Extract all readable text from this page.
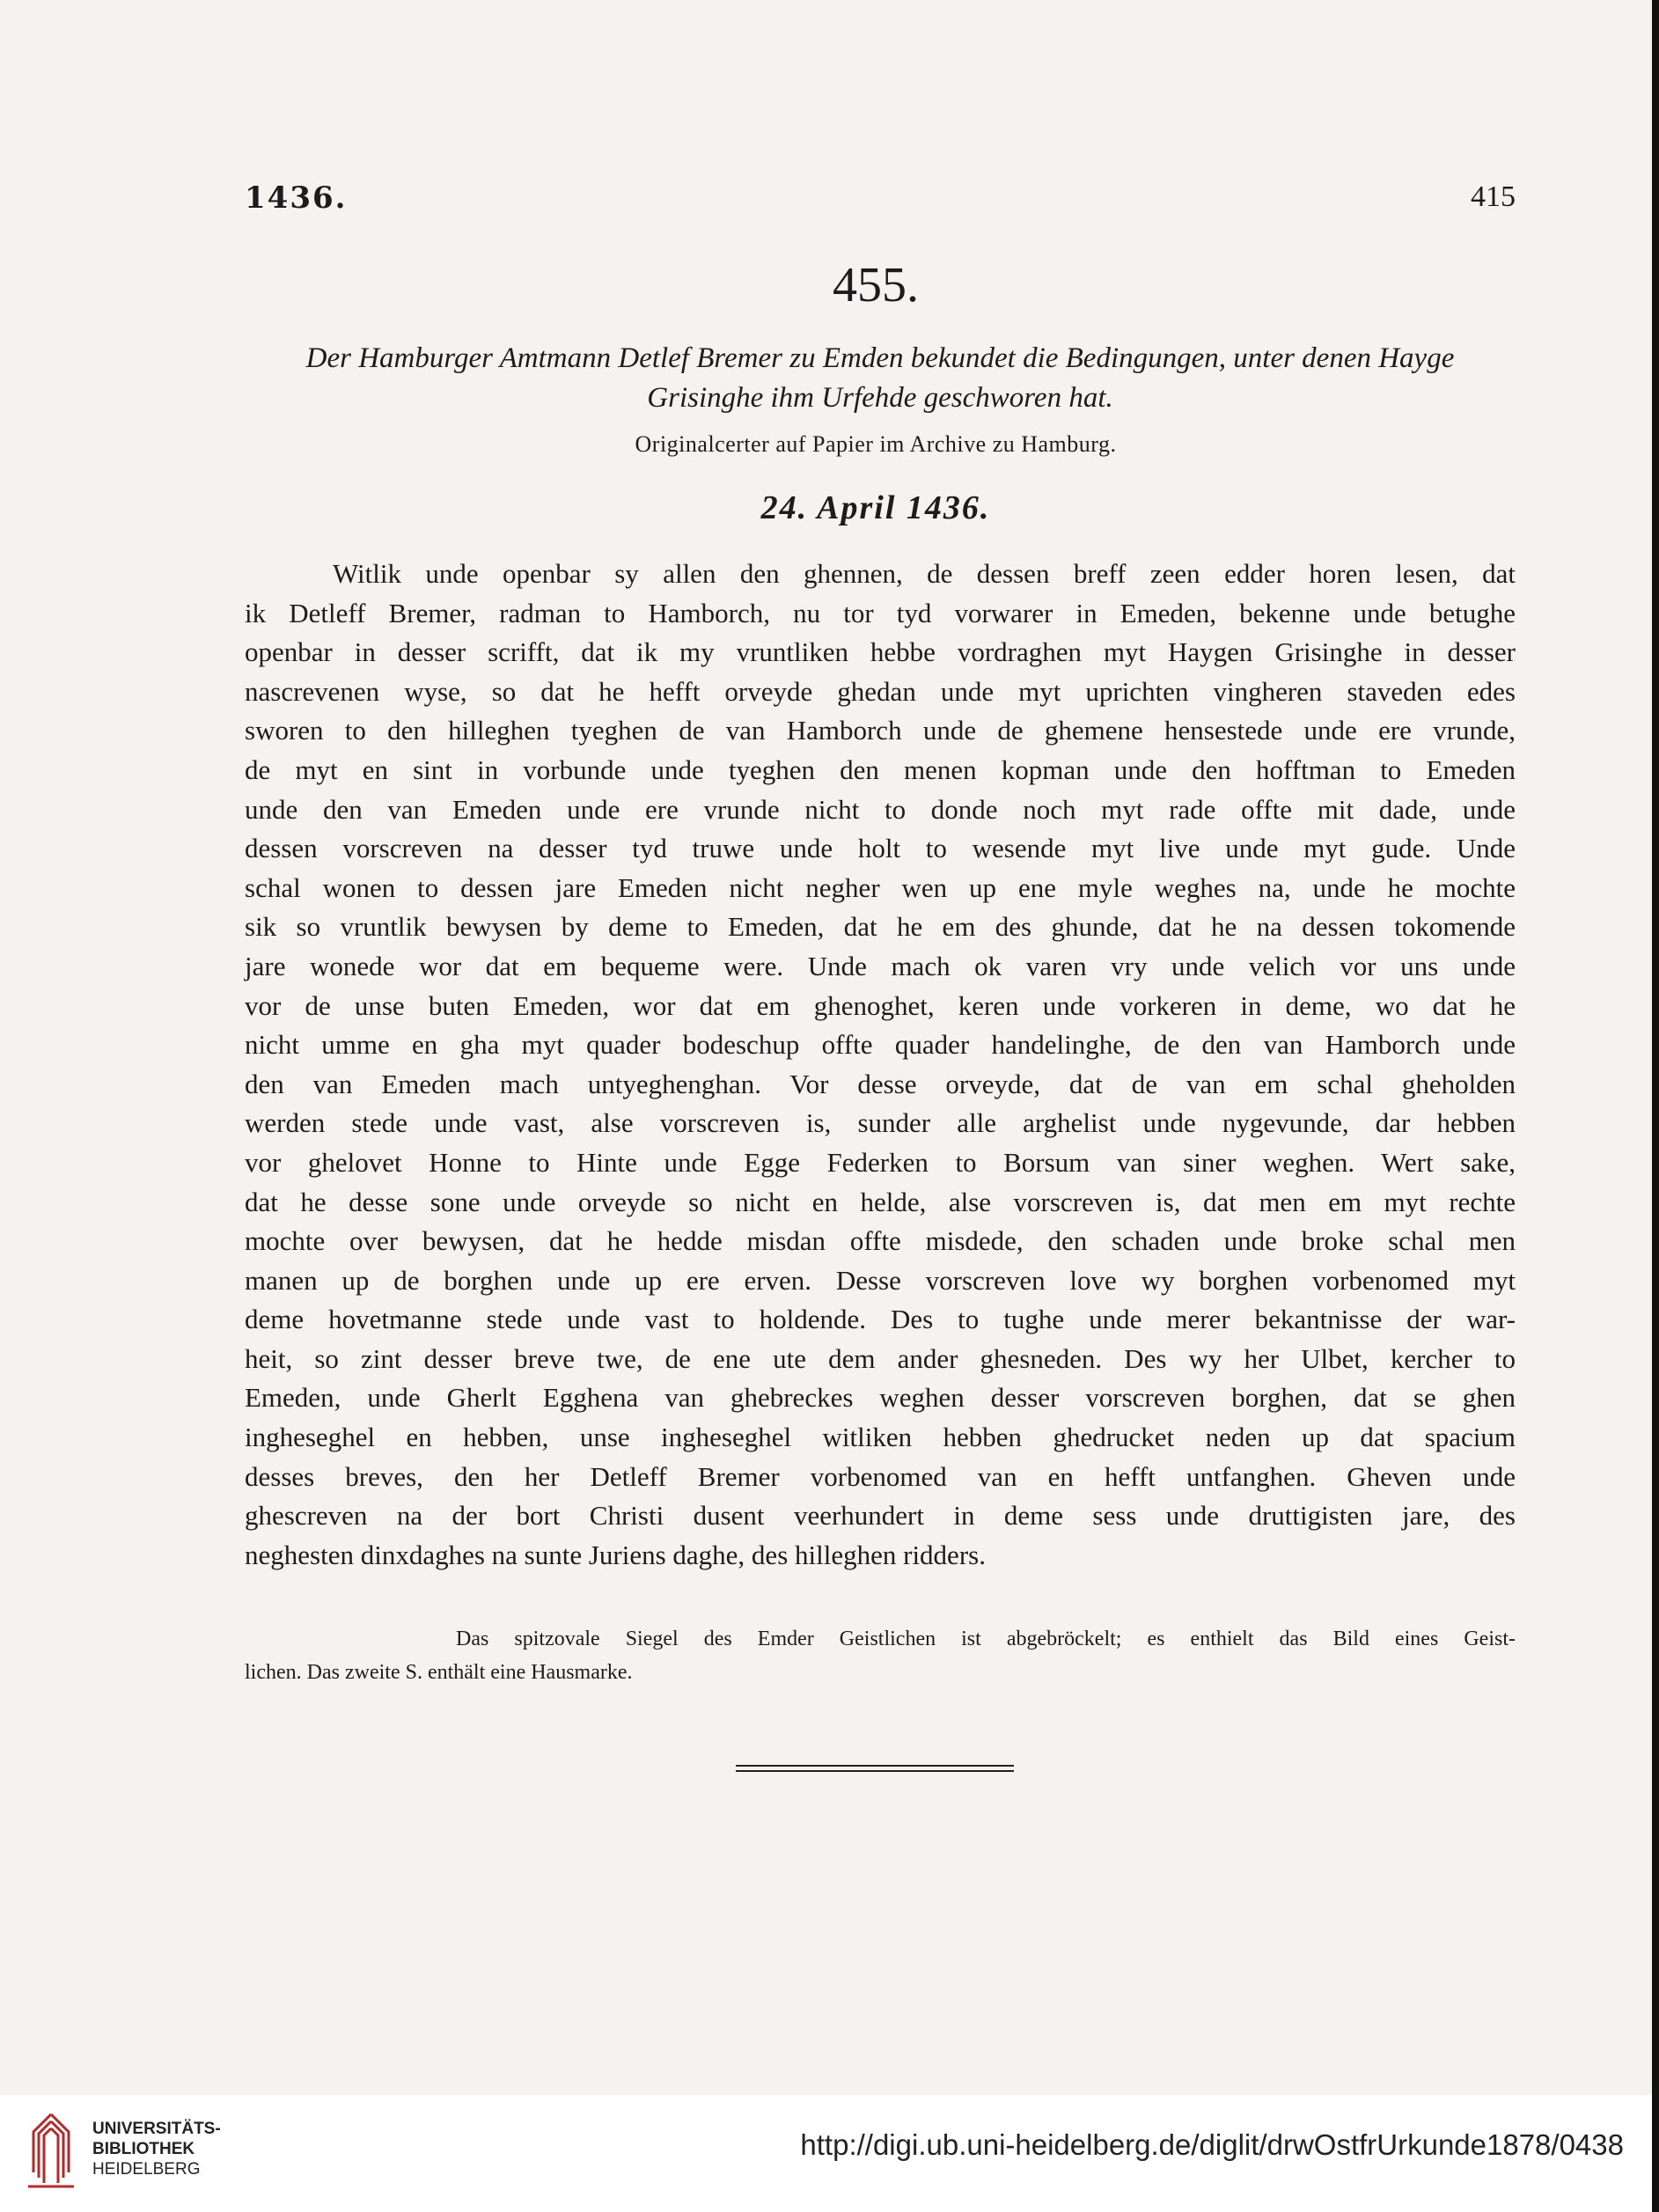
1436.	415
455.
Der Hamburger Amtmann Detlef Bremer zu Emden bekundet die Bedingungen, unter denen Hayge
Grisinghe ihm Urfehde geschworen hat.
Originalcerter auf Papier im Archive zu Hamburg.
24. April 1436.
Witlik unde openbar sy allen den ghennen, de dessen breff zeen edder horen lesen, dat
ik Detleff Bremer, radman to Hamborch, nu tor tyd vorwarer in Emeden, bekenne unde betughe
openbar in desser scrifft, dat ik my vruntliken hebbe vordraghen myt Haygen Grisinghe in desser
nascrevenen wyse, so dat he hefft orveyde ghedan unde myt uprichten vingheren staveden edes
sworen to den hilleghen tyeghen de van Hamborch unde de ghemene hensestede unde ere vrunde,
de myt en sint in vorbunde unde tyeghen den menen kopman unde den hofftman to Emeden
unde den van Emeden unde ere vrunde nicht to donde noch myt rade offte mit dade, unde
dessen vorscreven na desser tyd truwe unde holt to wesende myt live unde myt gude. Unde
schal wonen to dessen jare Emeden nicht negher wen up ene myle weghes na, unde he mochte
sik so vruntlik bewysen by deme to Emeden, dat he em des ghunde, dat he na dessen tokomende
jare wonede wor dat em bequeme were. Unde mach ok varen vry unde velich vor uns unde
vor de unse buten Emeden, wor dat em ghenoghet, keren unde vorkeren in deme, wo dat he
nicht umme en gha myt quader bodeschup offte quader handelinghe, de den van Hamborch unde
den van Emeden mach untyeghenghan. Vor desse orveyde, dat de van em schal gheholden
werden stede unde vast, alse vorscreven is, sunder alle arghelist unde nygevunde, dar hebben
vor ghelovet Honne to Hinte unde Egge Federken to Borsum van siner weghen. Wert sake,
dat he desse sone unde orveyde so nicht en helde, alse vorscreven is, dat men em myt rechte
mochte over bewysen, dat he hedde misdan offte misdede, den schaden unde broke schal men
manen up de borghen unde up ere erven. Desse vorscreven love wy borghen vorbenomed myt
deme hovetmanne stede unde vast to holdende. Des to tughe unde merer bekantnisse der war-
heit, so zint desser breve twe, de ene ute dem ander ghesneden. Des wy her Ulbet, kercher to
Emeden, unde Gherlt Egghena van ghebreckes weghen desser vorscreven borghen, dat se ghen
ingheseghel en hebben, unse ingheseghel witliken hebben ghedrucket neden up dat spacium
desses breves, den her Detleff Bremer vorbenomed van en hefft untfanghen. Gheven unde
ghescreven na der bort Christi dusent veerhundert in deme sess unde druttigisten jare, des
neghesten dinxdaghes na sunte Juriens daghe, des hilleghen ridders.
Das spitzovale Siegel des Emder Geistlichen ist abgebröckelt; es enthielt das Bild eines Geist-
lichen. Das zweite S. enthält eine Hausmarke.
UNIVERSITÄTS-
BIBLIOTHEK
HEIDELBERG
http://digi.ub.uni-heidelberg.de/diglit/drwOstfrUrkunde1878/0438
